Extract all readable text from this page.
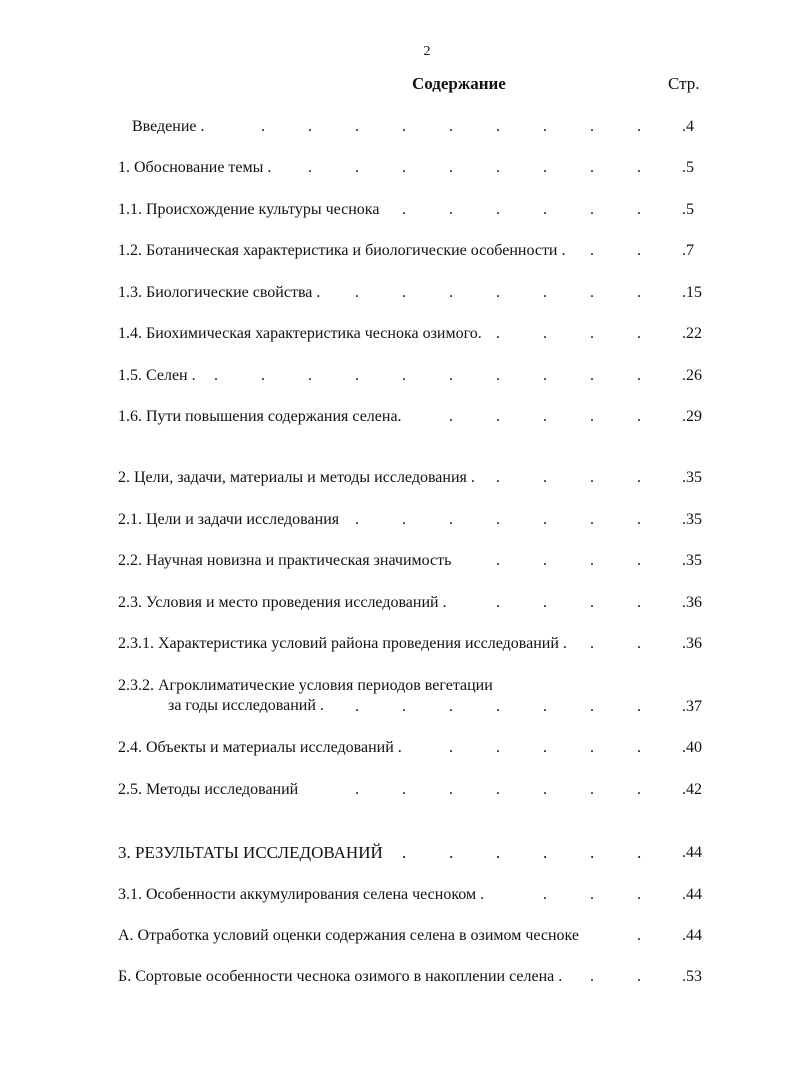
2
Содержание	Стр.
Введение .	.4
.	.	.	.	.	.	.	.	.
1. Обоснование темы .	.5
.	.	.	.	.	.	.	.
1.1. Происхождение культуры чеснока	.5
.	.	.	.	.	.
1.2. Ботаническая характеристика и биологические особенности .	.7
.	.
1.3. Биологические свойства .	.15
.	.	.	.	.	.	.
1.4. Биохимическая характеристика чеснока озимого.	.22
.	.	.	.
1.5. Селен .	.26
.	.	.	.	.	.	.	.	.	.
1.6. Пути повышения содержания селена.	.29
.	.	.	.	.
2. Цели, задачи, материалы и методы исследования .	.35
.	.	.	.
2.1. Цели и задачи исследования	.35
.	.	.	.	.	.	.
2.2. Научная новизна и практическая значимость	.35
.	.	.	.
2.3. Условия и место проведения исследований .	.36
.	.	.	.
2.3.1. Характеристика условий района проведения исследований .	.36
.	.
2.3.2. Агроклиматические условия периодов вегетации
за годы исследований .	.37
.	.	.	.	.	.	.
2.4. Объекты и материалы исследований .	.40
.	.	.	.	.
2.5. Методы исследований	.42
.	.	.	.	.	.	.
3. РЕЗУЛЬТАТЫ ИССЛЕДОВАНИЙ	.44
.	.	.	.	.	.
3.1. Особенности аккумулирования селена чесноком .	.44
.	.	.
А. Отработка условий оценки содержания селена в озимом чесноке	.44
.
Б. Сортовые особенности чеснока озимого в накоплении селена .	.53
.	.
